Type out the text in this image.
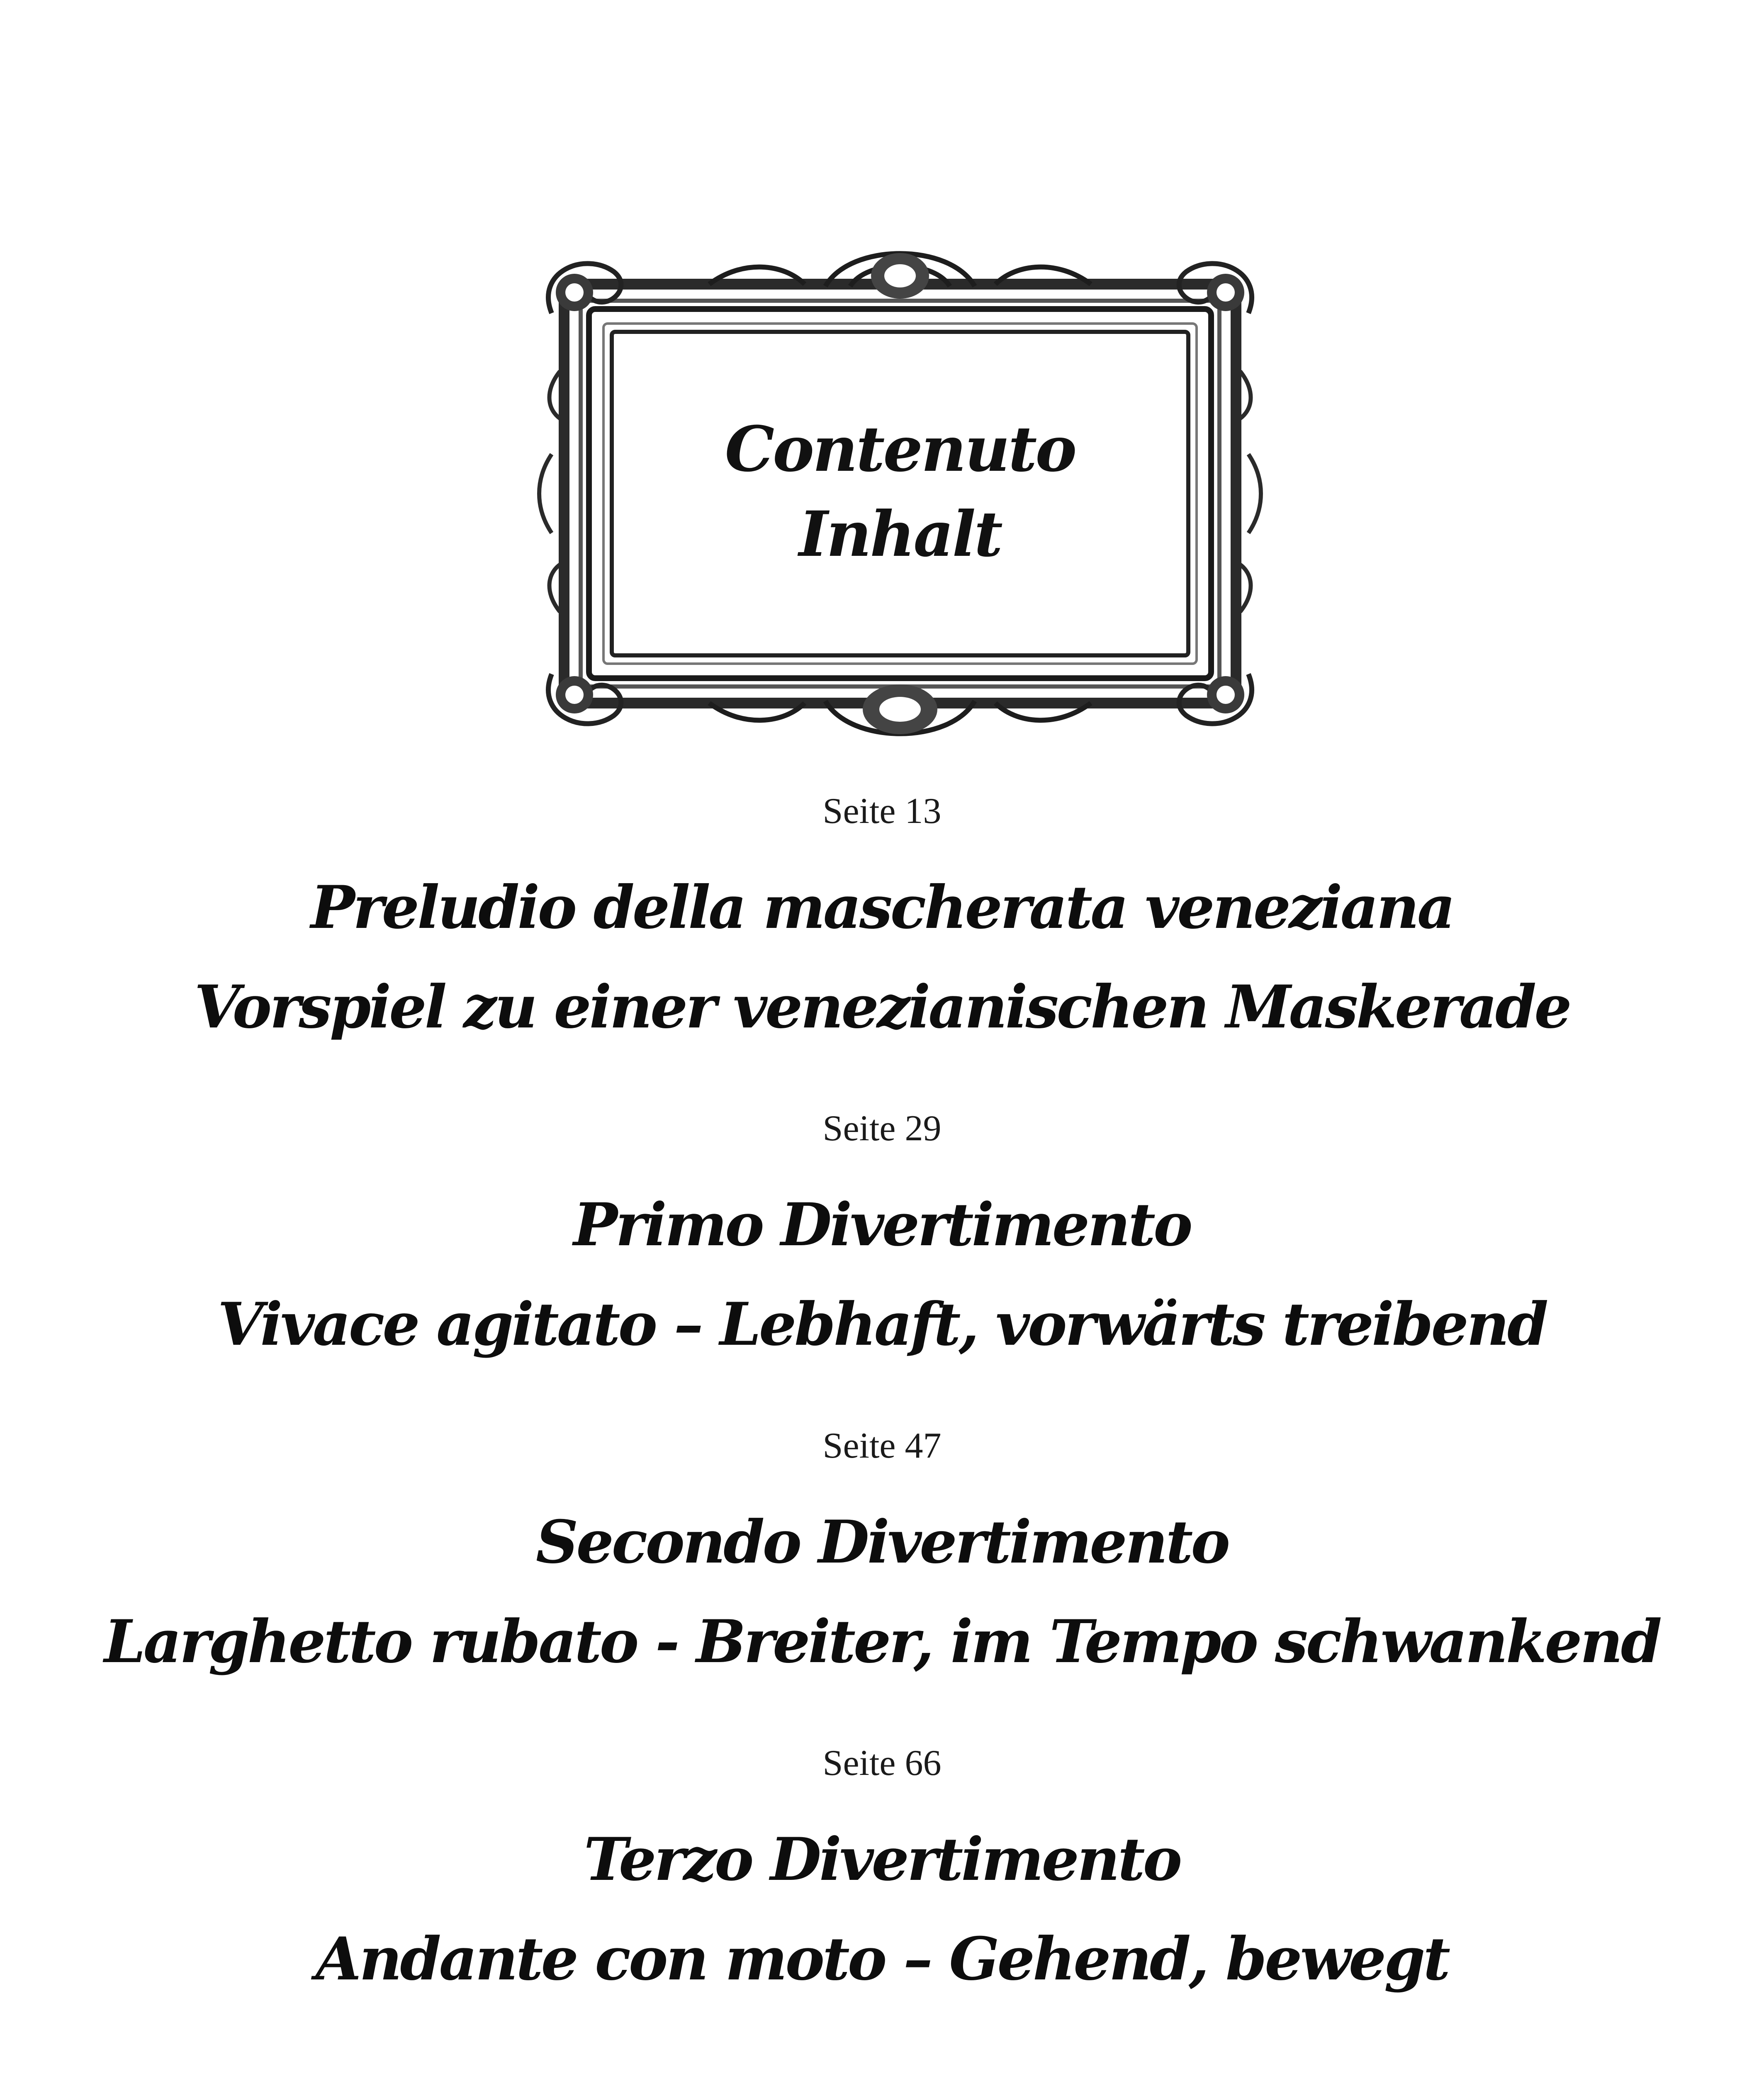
Contenuto
Inhalt
Seite 13
Preludio della mascherata veneziana
Vorspiel zu einer venezianischen Maskerade
Seite 29
Primo Divertimento
Vivace agitato – Lebhaft, vorwärts treibend
Seite 47
Secondo Divertimento
Larghetto rubato - Breiter, im Tempo schwankend
Seite 66
Terzo Divertimento
Andante con moto – Gehend, bewegt
